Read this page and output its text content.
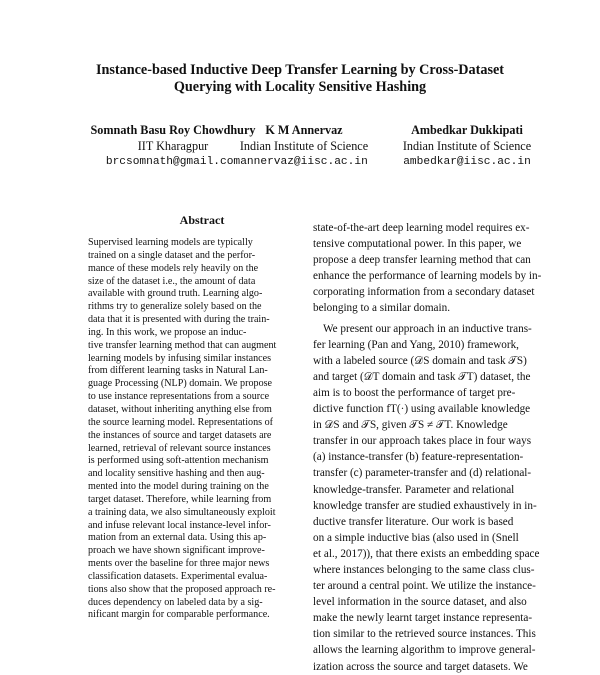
Instance-based Inductive Deep Transfer Learning by Cross-Dataset
Querying with Locality Sensitive Hashing
Somnath Basu Roy Chowdhury
IIT Kharagpur
brcsomnath@gmail.com
K M Annervaz
Indian Institute of Science
annervaz@iisc.ac.in
Ambedkar Dukkipati
Indian Institute of Science
ambedkar@iisc.ac.in
Abstract
Supervised learning models are typically
trained on a single dataset and the perfor-
mance of these models rely heavily on the
size of the dataset i.e., the amount of data
available with ground truth. Learning algo-
rithms try to generalize solely based on the
data that it is presented with during the train-
ing. In this work, we propose an induc-
tive transfer learning method that can augment
learning models by infusing similar instances
from different learning tasks in Natural Lan-
guage Processing (NLP) domain. We propose
to use instance representations from a source
dataset, without inheriting anything else from
the source learning model. Representations of
the instances of source and target datasets are
learned, retrieval of relevant source instances
is performed using soft-attention mechanism
and locality sensitive hashing and then aug-
mented into the model during training on the
target dataset. Therefore, while learning from
a training data, we also simultaneously exploit
and infuse relevant local instance-level infor-
mation from an external data. Using this ap-
proach we have shown significant improve-
ments over the baseline for three major news
classification datasets. Experimental evalua-
tions also show that the proposed approach re-
duces dependency on labeled data by a sig-
nificant margin for comparable performance.
state-of-the-art deep learning model requires ex-
tensive computational power. In this paper, we
propose a deep transfer learning method that can
enhance the performance of learning models by in-
corporating information from a secondary dataset
belonging to a similar domain.
We present our approach in an inductive trans-
fer learning (Pan and Yang, 2010) framework,
with a labeled source (𝒟S domain and task 𝒯S)
and target (𝒟T domain and task 𝒯T) dataset, the
aim is to boost the performance of target pre-
dictive function fT(·) using available knowledge
in 𝒟S and 𝒯S, given 𝒯S ≠ 𝒯T. Knowledge
transfer in our approach takes place in four ways
(a) instance-transfer (b) feature-representation-
transfer (c) parameter-transfer and (d) relational-
knowledge-transfer. Parameter and relational
knowledge transfer are studied exhaustively in in-
ductive transfer literature. Our work is based
on a simple inductive bias (also used in (Snell
et al., 2017)), that there exists an embedding space
where instances belonging to the same class clus-
ter around a central point. We utilize the instance-
level information in the source dataset, and also
make the newly learnt target instance representa-
tion similar to the retrieved source instances. This
allows the learning algorithm to improve general-
ization across the source and target datasets. We
